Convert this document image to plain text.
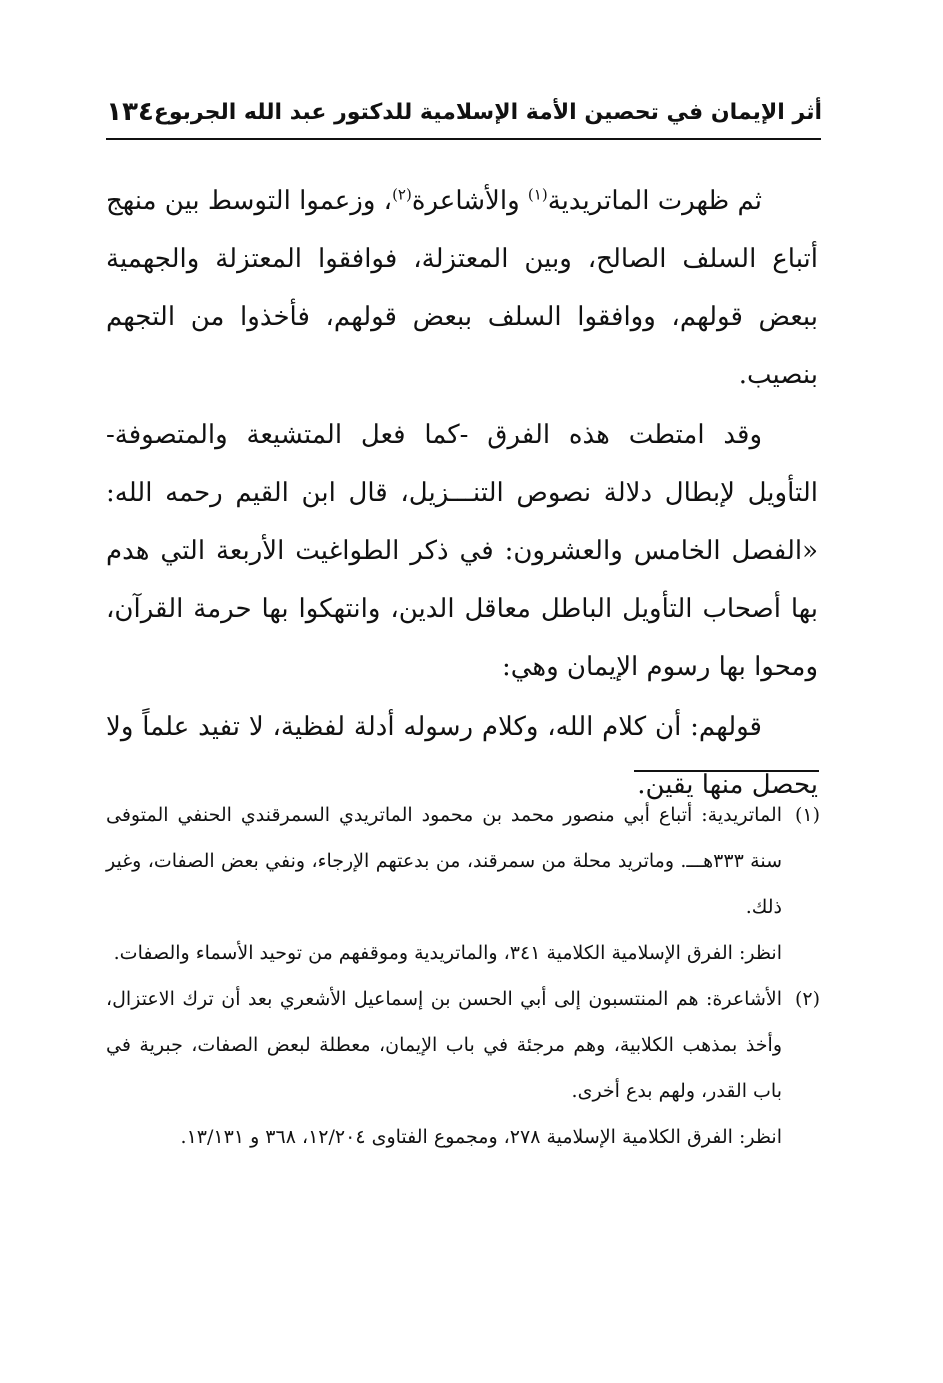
أثر الإيمان في تحصين الأمة الإسلامية للدكتور عبد الله الجربوع
١٣٤

ثم ظهرت الماتريدية$^{(١)}$ والأشاعرة$^{(٢)}$، وزعموا التوسط بين منهج أتباع السلف الصالح، وبين المعتزلة، فوافقوا المعتزلة والجهمية ببعض قولهم، ووافقوا السلف ببعض قولهم، فأخذوا من التجهم بنصيب.

وقد امتطت هذه الفرق -كما فعل المتشيعة والمتصوفة- التأويل لإبطال دلالة نصوص التنـــزيل، قال ابن القيم رحمه الله: «الفصل الخامس والعشرون: في ذكر الطواغيت الأربعة التي هدم بها أصحاب التأويل الباطل معاقل الدين، وانتهكوا بها حرمة القرآن، ومحوا بها رسوم الإيمان وهي:

قولهم: أن كلام الله، وكلام رسوله أدلة لفظية، لا تفيد علماً ولا يحصل منها يقين.

(١)

الماتريدية: أتباع أبي منصور محمد بن محمود الماتريدي السمرقندي الحنفي المتوفى سنة ٣٣٣هـــ. وماتريد محلة من سمرقند، من بدعتهم الإرجاء، ونفي بعض الصفات، وغير ذلك.

انظر: الفرق الإسلامية الكلامية ٣٤١، والماتريدية وموقفهم من توحيد الأسماء والصفات.

(٢)

الأشاعرة: هم المنتسبون إلى أبي الحسن بن إسماعيل الأشعري بعد أن ترك الاعتزال، وأخذ بمذهب الكلابية، وهم مرجئة في باب الإيمان، معطلة لبعض الصفات، جبرية في باب القدر، ولهم بدع أخرى.

انظر: الفرق الكلامية الإسلامية ٢٧٨، ومجموع الفتاوى ١٢/٢٠٤، ٣٦٨ و ١٣/١٣١.
